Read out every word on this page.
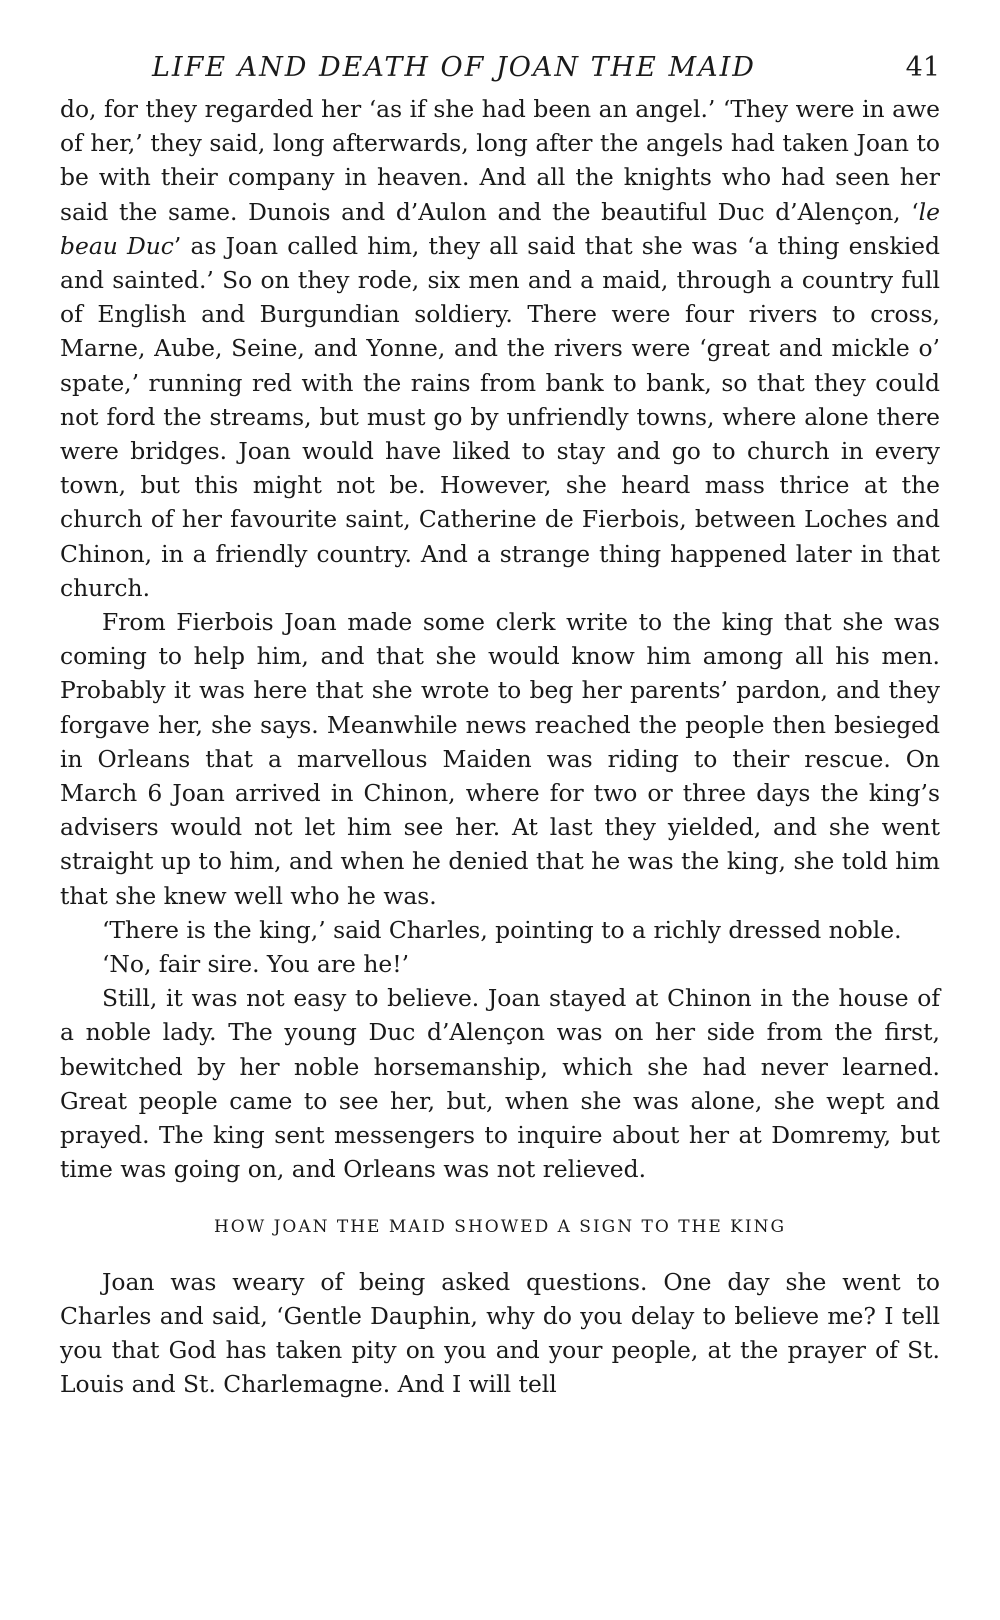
LIFE AND DEATH OF JOAN THE MAID	41

do, for they regarded her ‘as if she had been an angel.’ ‘They were in awe of her,’ they said, long afterwards, long after the angels had taken Joan to be with their company in heaven. And all the knights who had seen her said the same. Dunois and d’Aulon and the beautiful Duc d’Alençon, ‘le beau Duc’ as Joan called him, they all said that she was ‘a thing enskied and sainted.’ So on they rode, six men and a maid, through a country full of English and Burgundian soldiery. There were four rivers to cross, Marne, Aube, Seine, and Yonne, and the rivers were ‘great and mickle o’ spate,’ running red with the rains from bank to bank, so that they could not ford the streams, but must go by unfriendly towns, where alone there were bridges. Joan would have liked to stay and go to church in every town, but this might not be. However, she heard mass thrice at the church of her favourite saint, Catherine de Fierbois, between Loches and Chinon, in a friendly country. And a strange thing happened later in that church.

From Fierbois Joan made some clerk write to the king that she was coming to help him, and that she would know him among all his men. Probably it was here that she wrote to beg her parents’ pardon, and they forgave her, she says. Meanwhile news reached the people then besieged in Orleans that a marvellous Maiden was riding to their rescue. On March 6 Joan arrived in Chinon, where for two or three days the king’s advisers would not let him see her. At last they yielded, and she went straight up to him, and when he denied that he was the king, she told him that she knew well who he was.

‘There is the king,’ said Charles, pointing to a richly dressed noble.

‘No, fair sire. You are he!’

Still, it was not easy to believe. Joan stayed at Chinon in the house of a noble lady. The young Duc d’Alençon was on her side from the first, bewitched by her noble horsemanship, which she had never learned. Great people came to see her, but, when she was alone, she wept and prayed. The king sent messengers to inquire about her at Domremy, but time was going on, and Orleans was not relieved.

HOW JOAN THE MAID SHOWED A SIGN TO THE KING

Joan was weary of being asked questions. One day she went to Charles and said, ‘Gentle Dauphin, why do you delay to believe me? I tell you that God has taken pity on you and your people, at the prayer of St. Louis and St. Charlemagne. And I will tell
